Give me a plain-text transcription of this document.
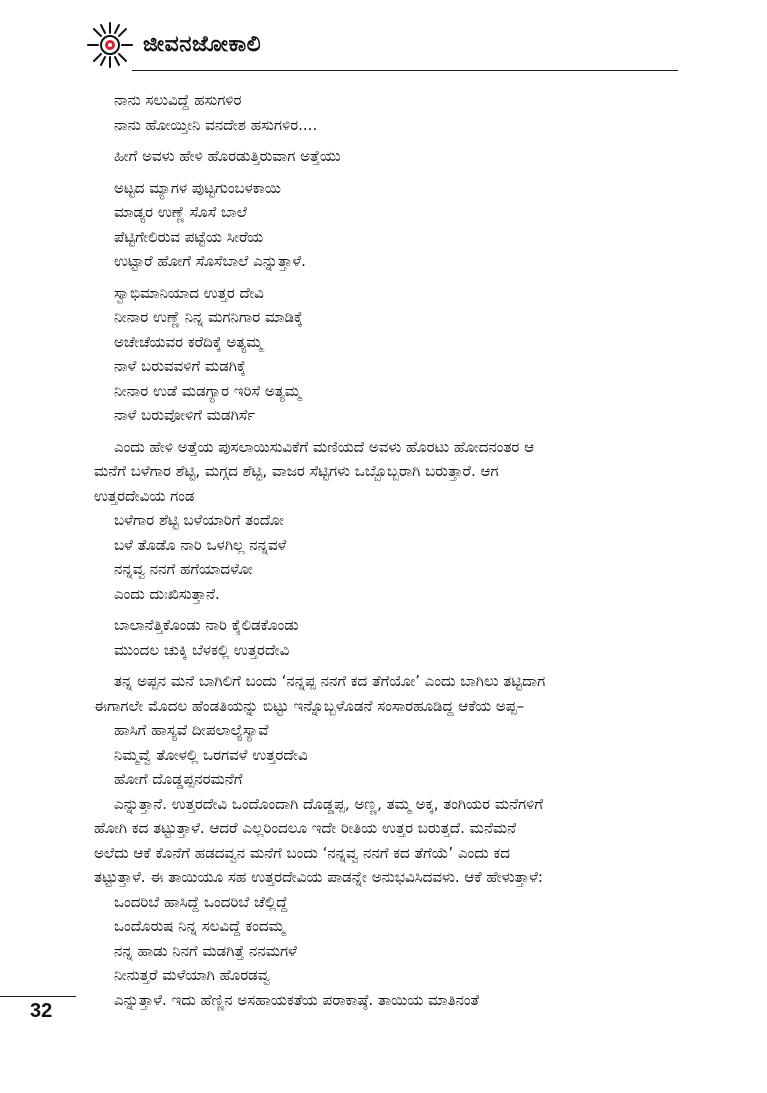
ಜೀವನಜೋಕಾಲಿ
ನಾನು ಸಲುವಿದ್ದೆ ಹಸುಗಳಿರ
ನಾನು ಹೋಯ್ತೀನಿ ವನದೇಶ ಹಸುಗಳಿರ....
ಹೀಗೆ ಅವಳು ಹೇಳಿ ಹೊರಡುತ್ತಿರುವಾಗ ಅತ್ತೆಯು
ಅಟ್ಟದ ಮ್ಯಾಗಳ ಪುಟ್ಟಗುಂಬಳಕಾಯಿ
ಮಾಡ್ಯರ ಉಣ್ಣೆ ಸೊಸೆ ಬಾಲೆ
ಪೆಟ್ಟಿಗೇಲಿರುವ ಪಟ್ಟೆಯ ಸೀರೆಯ
ಉಟ್ಟಾರೆ ಹೋಗೆ ಸೊಸೆಬಾಲೆ ಎನ್ನುತ್ತಾಳೆ.
ಸ್ವಾಭಿಮಾನಿಯಾದ ಉತ್ತರ ದೇವಿ
ನೀನಾರ ಉಣ್ಣೆ ನಿನ್ನ ಮಗನಿಗಾರ ಮಾಡಿಕ್ಕೆ
ಅಚೇಚೆಯವರ ಕರೆದಿಕ್ಕೆ ಅತ್ಯಮ್ಮ
ನಾಳೆ ಬರುವವಳಿಗೆ ಮಡಗಿಕ್ಕೆ
ನೀನಾರ ಉಡೆ ಮಡಗ್ಯಾರ ಇರಿಸೆ ಅತ್ಯಮ್ಮ
ನಾಳೆ ಬರುವೋಳಿಗೆ ಮಡಗಿರ್ಸೆ
ಎಂದು ಹೇಳಿ ಅತ್ತೆಯ ಪುಸಲಾಯಿಸುವಿಕೆಗೆ ಮಣಿಯದೆ ಅವಳು ಹೊರಟು ಹೋದನಂತರ ಆ
ಮನೆಗೆ ಬಳೆಗಾರ ಶೆಟ್ಟಿ, ಮಗ್ಗದ ಶೆಟ್ಟಿ, ವಾಜರ ಸೆಟ್ಟಿಗಳು ಒಬ್ಬೊಬ್ಬರಾಗಿ ಬರುತ್ತಾರೆ. ಆಗ
ಉತ್ತರದೇವಿಯ ಗಂಡ
ಬಳೆಗಾರ ಶೆಟ್ಟಿ ಬಳೆಯಾರಿಗೆ ತಂದೋ
ಬಳೆ ತೊಡೊ ನಾರಿ ಒಳಗಿಲ್ಲ ನನ್ನವಳೆ
ನನ್ನವ್ವ ನನಗೆ ಹಗೆಯಾದಳೋ
ಎಂದು ದುಃಖಿಸುತ್ತಾನೆ.
ಬಾಲಾನೆತ್ತಿಕೊಂಡು ನಾರಿ ಕೈಲಿಡಕೊಂಡು
ಮುಂದಲ ಚುಕ್ಕಿ ಬೆಳಕಲ್ಲಿ ಉತ್ತರದೇವಿ
ತನ್ನ ಅಪ್ಪನ ಮನೆ ಬಾಗಿಲಿಗೆ ಬಂದು ‘ನನ್ನಪ್ಪ ನನಗೆ ಕದ ತೆಗೆಯೋ’ ಎಂದು ಬಾಗಿಲು ತಟ್ಟಿದಾಗ
ಈಗಾಗಲೇ ಮೊದಲ ಹೆಂಡತಿಯನ್ನು ಬಿಟ್ಟು ಇನ್ನೊಬ್ಬಳೊಡನೆ ಸಂಸಾರಹೂಡಿದ್ದ ಆಕೆಯ ಅಪ್ಪ–
ಹಾಸಿಗೆ ಹಾಸ್ಯವೆ ದೀಪಲಾಲ್ಯೆಸ್ಯಾವೆ
ನಿಮ್ಮವ್ವೆ ತೋಳಲ್ಲಿ ಒರಗವಳೆ ಉತ್ತರದೇವಿ
ಹೋಗೆ ದೊಡ್ಡಪ್ಪನರಮನೆಗೆ
ಎನ್ನುತ್ತಾನೆ. ಉತ್ತರದೇವಿ ಒಂದೊಂದಾಗಿ ದೊಡ್ಡಪ್ಪ, ಅಣ್ಣ, ತಮ್ಮ ಅಕ್ಕ, ತಂಗಿಯರ ಮನೆಗಳಿಗೆ
ಹೋಗಿ ಕದ ತಟ್ಟುತ್ತಾಳೆ. ಆದರೆ ಎಲ್ಲರಿಂದಲೂ ಇದೇ ರೀತಿಯ ಉತ್ತರ ಬರುತ್ತದೆ. ಮನೆಮನೆ
ಅಲೆದು ಆಕೆ ಕೊನೆಗೆ ಹಡದವ್ವನ ಮನೆಗೆ ಬಂದು ‘ನನ್ನವ್ವ ನನಗೆ ಕದ ತೆಗೆಯೆ’ ಎಂದು ಕದ
ತಟ್ಟುತ್ತಾಳೆ. ಈ ತಾಯಿಯೂ ಸಹ ಉತ್ತರದೇವಿಯ ಪಾಡನ್ನೇ ಅನುಭವಿಸಿದವಳು. ಆಕೆ ಹೇಳುತ್ತಾಳೆ:
ಒಂದರಿಬೆ ಹಾಸಿದ್ದೆ ಒಂದರಿಬೆ ಚೆಲ್ಲಿದ್ದೆ
ಒಂದೊರುಷ ನಿನ್ನ ಸಲವಿದ್ದೆ ಕಂದಮ್ಮ
ನನ್ನ ಹಾಡು ನಿನಗೆ ಮಡಗಿತ್ತೆ ನನಮಗಳೆ
ನೀನುತ್ತರೆ ಮಳೆಯಾಗಿ ಹೊರಡವ್ವ
ಎನ್ನುತ್ತಾಳೆ. ಇದು ಹೆಣ್ಣಿನ ಅಸಹಾಯಕತೆಯ ಪರಾಕಾಷ್ಠೆ. ತಾಯಿಯ ಮಾತಿನಂತೆ
32
